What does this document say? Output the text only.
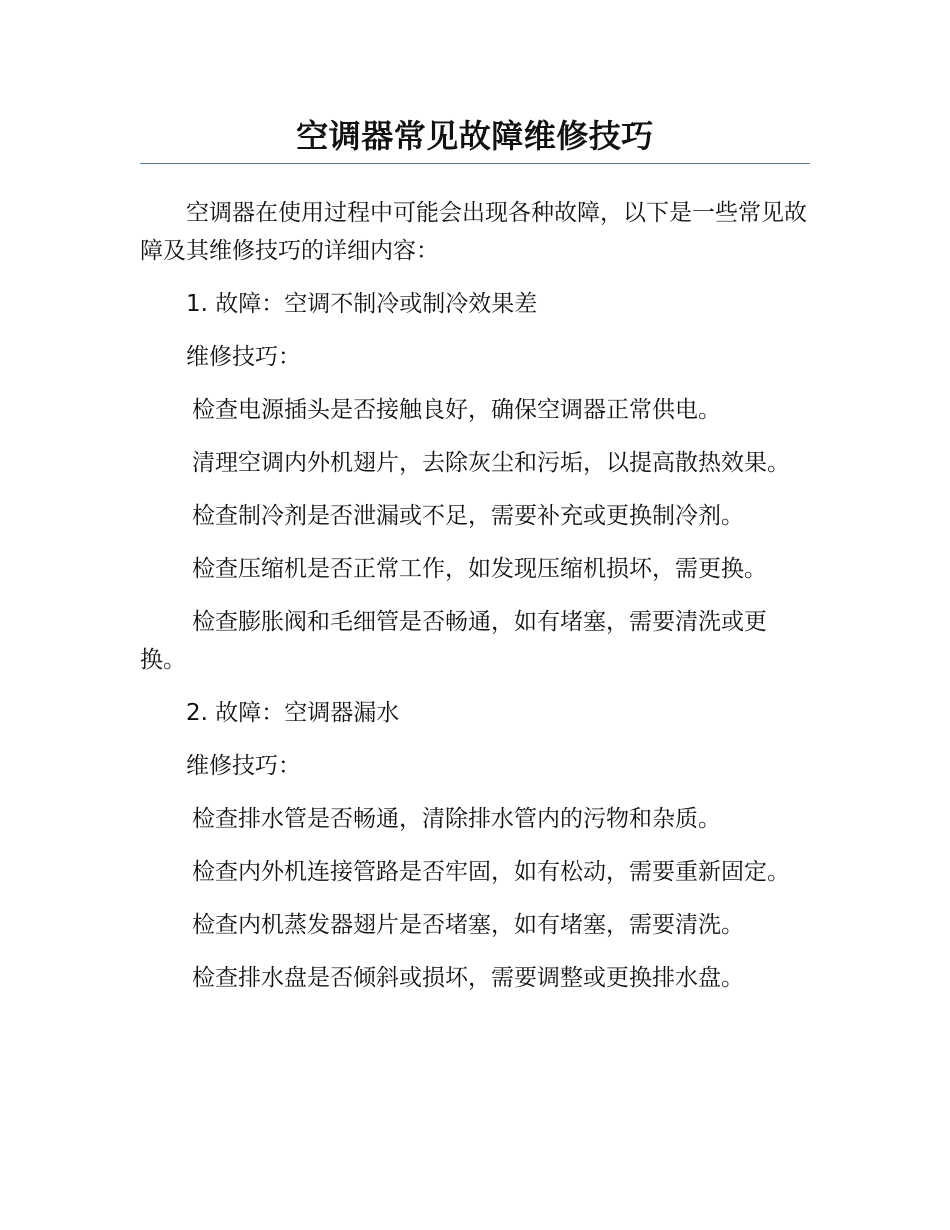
空调器常见故障维修技巧

空调器在使用过程中可能会出现各种故障，以下是一些常见故障及其维修技巧的详细内容：

1. 故障：空调不制冷或制冷效果差

维修技巧：

检查电源插头是否接触良好，确保空调器正常供电。

清理空调内外机翅片，去除灰尘和污垢，以提高散热效果。

检查制冷剂是否泄漏或不足，需要补充或更换制冷剂。

检查压缩机是否正常工作，如发现压缩机损坏，需更换。

检查膨胀阀和毛细管是否畅通，如有堵塞，需要清洗或更换。

2. 故障：空调器漏水

维修技巧：

检查排水管是否畅通，清除排水管内的污物和杂质。

检查内外机连接管路是否牢固，如有松动，需要重新固定。

检查内机蒸发器翅片是否堵塞，如有堵塞，需要清洗。

检查排水盘是否倾斜或损坏，需要调整或更换排水盘。
